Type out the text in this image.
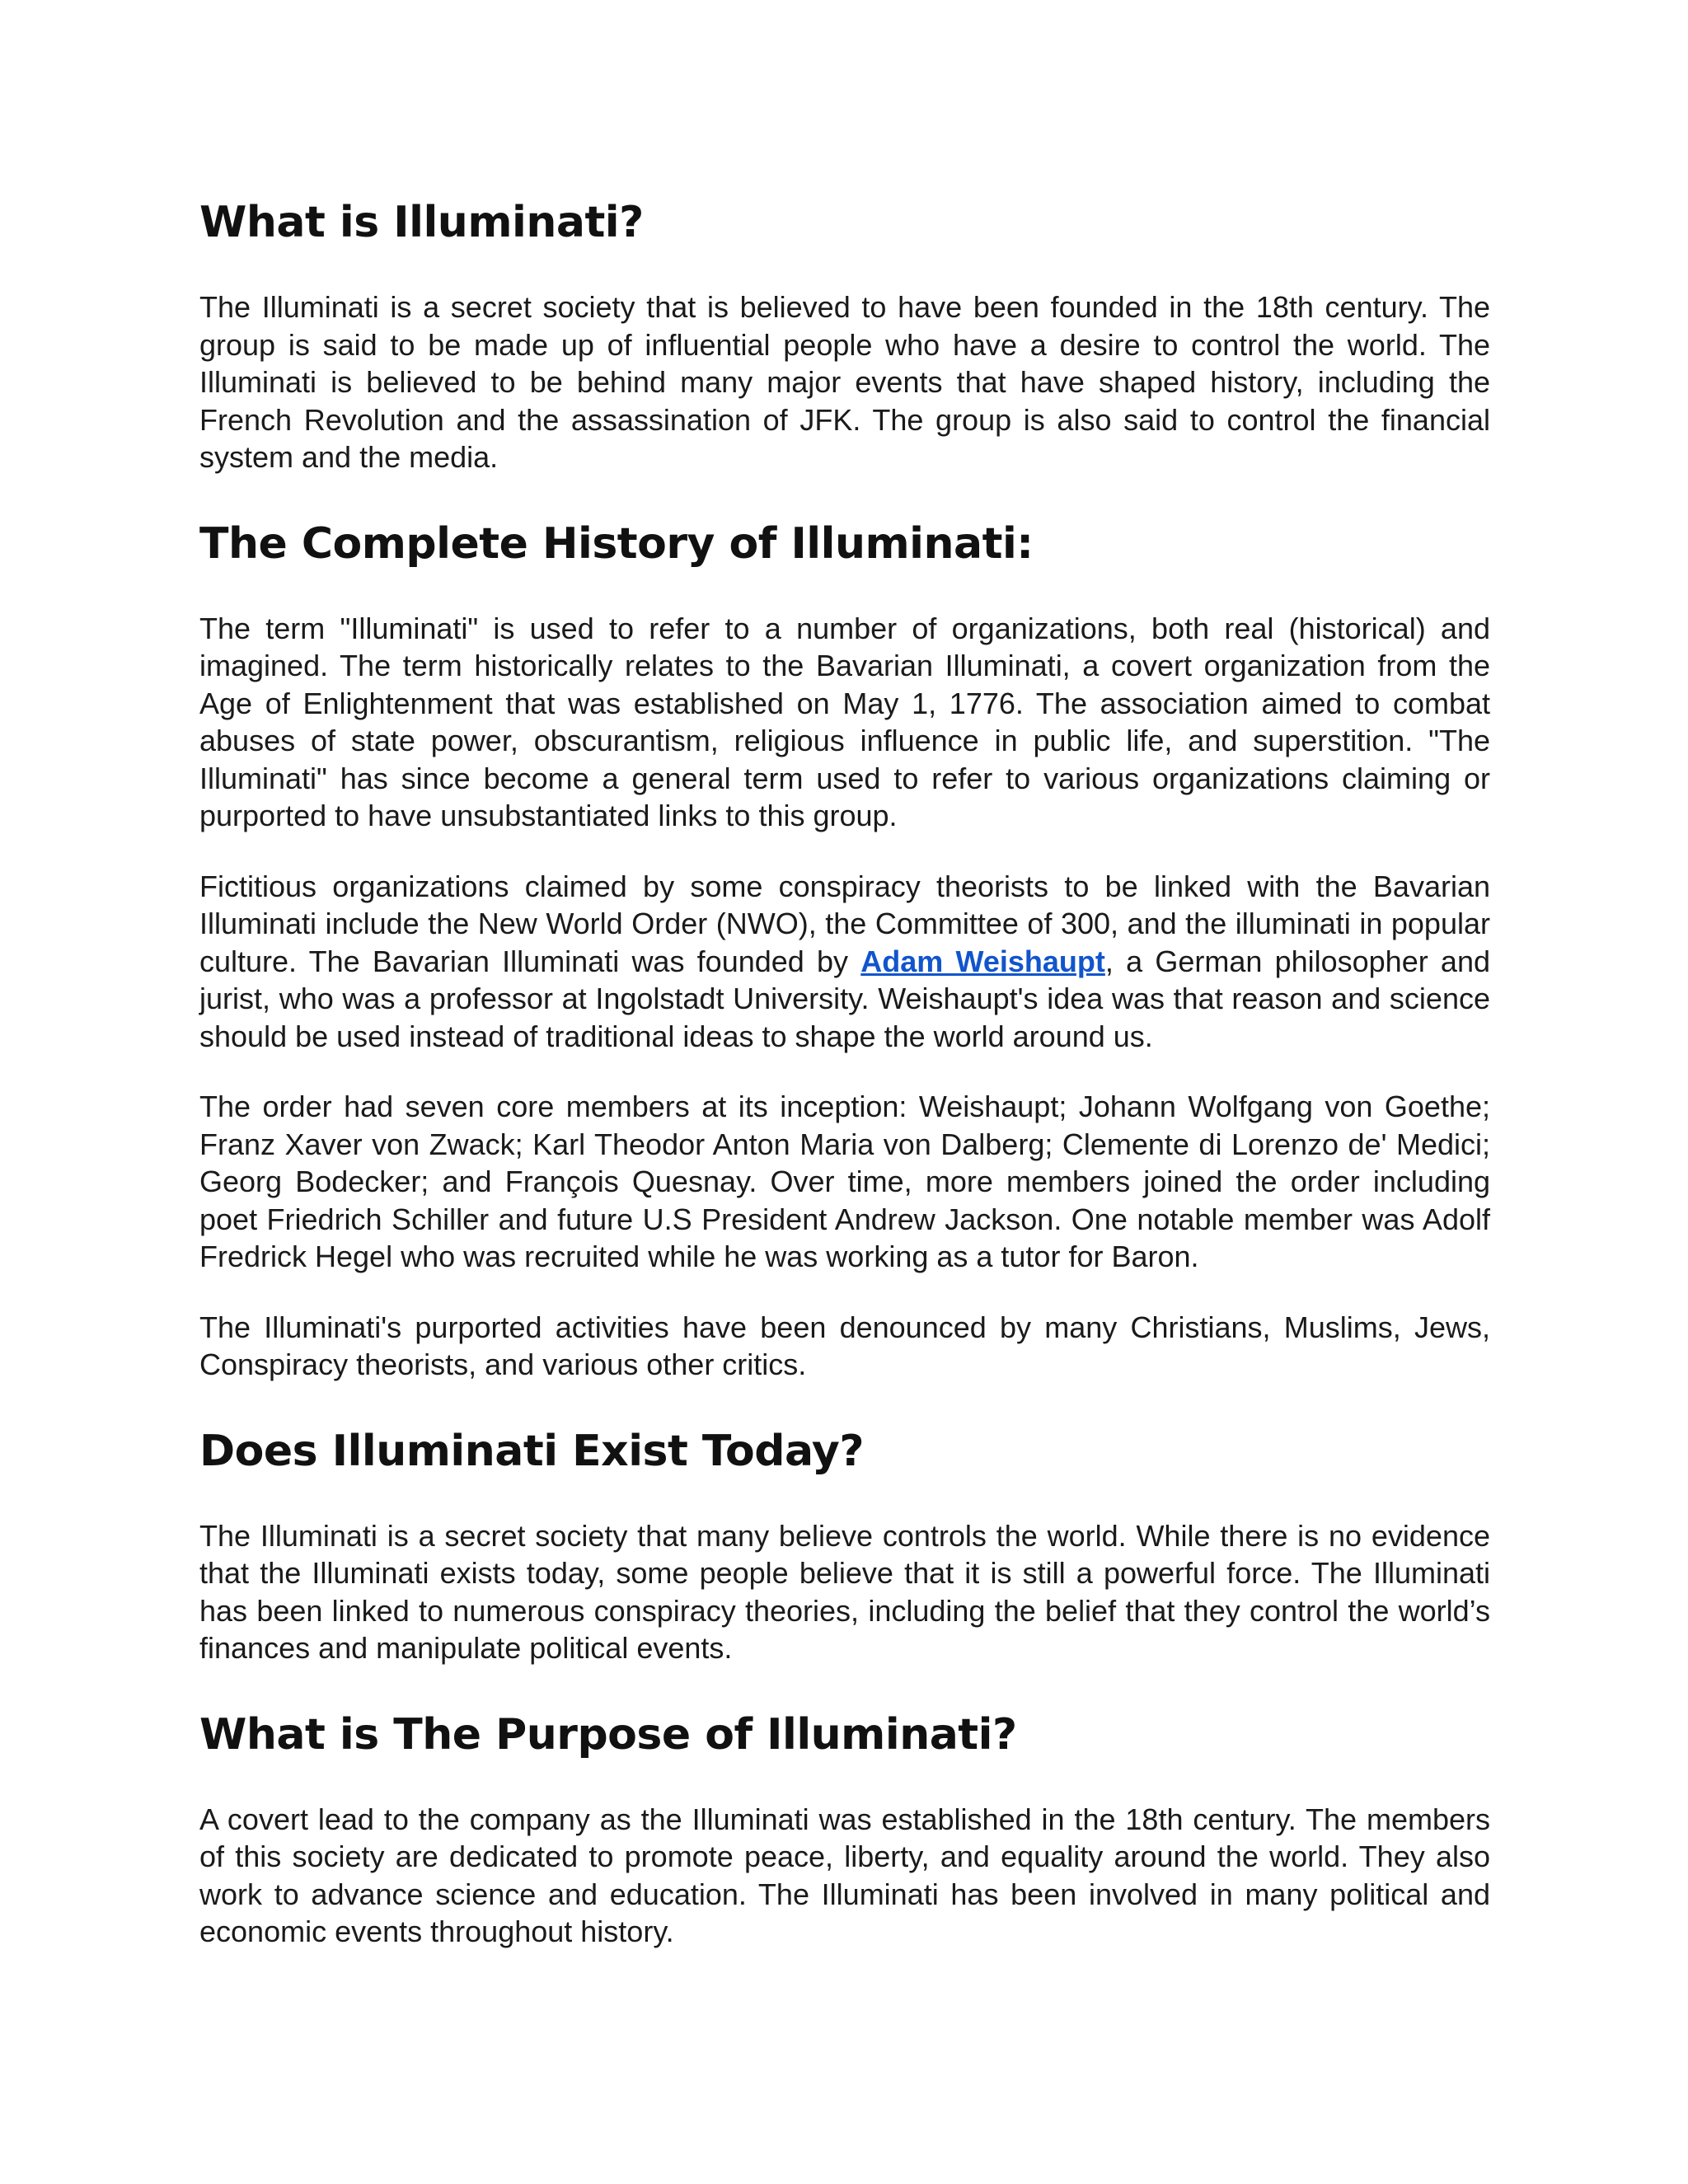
What is Illuminati?

The Illuminati is a secret society that is believed to have been founded in the 18th century. The group is said to be made up of influential people who have a desire to control the world. The Illuminati is believed to be behind many major events that have shaped history, including the French Revolution and the assassination of JFK. The group is also said to control the financial system and the media.

The Complete History of Illuminati:

The term "Illuminati" is used to refer to a number of organizations, both real (historical) and imagined. The term historically relates to the Bavarian Illuminati, a covert organization from the Age of Enlightenment that was established on May 1, 1776. The association aimed to combat abuses of state power, obscurantism, religious influence in public life, and superstition. "The Illuminati" has since become a general term used to refer to various organizations claiming or purported to have unsubstantiated links to this group.

Fictitious organizations claimed by some conspiracy theorists to be linked with the Bavarian Illuminati include the New World Order (NWO), the Committee of 300, and the illuminati in popular culture. The Bavarian Illuminati was founded by Adam Weishaupt, a German philosopher and jurist, who was a professor at Ingolstadt University. Weishaupt's idea was that reason and science should be used instead of traditional ideas to shape the world around us.

The order had seven core members at its inception: Weishaupt; Johann Wolfgang von Goethe; Franz Xaver von Zwack; Karl Theodor Anton Maria von Dalberg; Clemente di Lorenzo de' Medici; Georg Bodecker; and François Quesnay. Over time, more members joined the order including poet Friedrich Schiller and future U.S President Andrew Jackson. One notable member was Adolf Fredrick Hegel who was recruited while he was working as a tutor for Baron.

The Illuminati's purported activities have been denounced by many Christians, Muslims, Jews, Conspiracy theorists, and various other critics.

Does Illuminati Exist Today?

The Illuminati is a secret society that many believe controls the world. While there is no evidence that the Illuminati exists today, some people believe that it is still a powerful force. The Illuminati has been linked to numerous conspiracy theories, including the belief that they control the world’s finances and manipulate political events.

What is The Purpose of Illuminati?

A covert lead to the company as the Illuminati was established in the 18th century. The members of this society are dedicated to promote peace, liberty, and equality around the world. They also work to advance science and education. The Illuminati has been involved in many political and economic events throughout history.
